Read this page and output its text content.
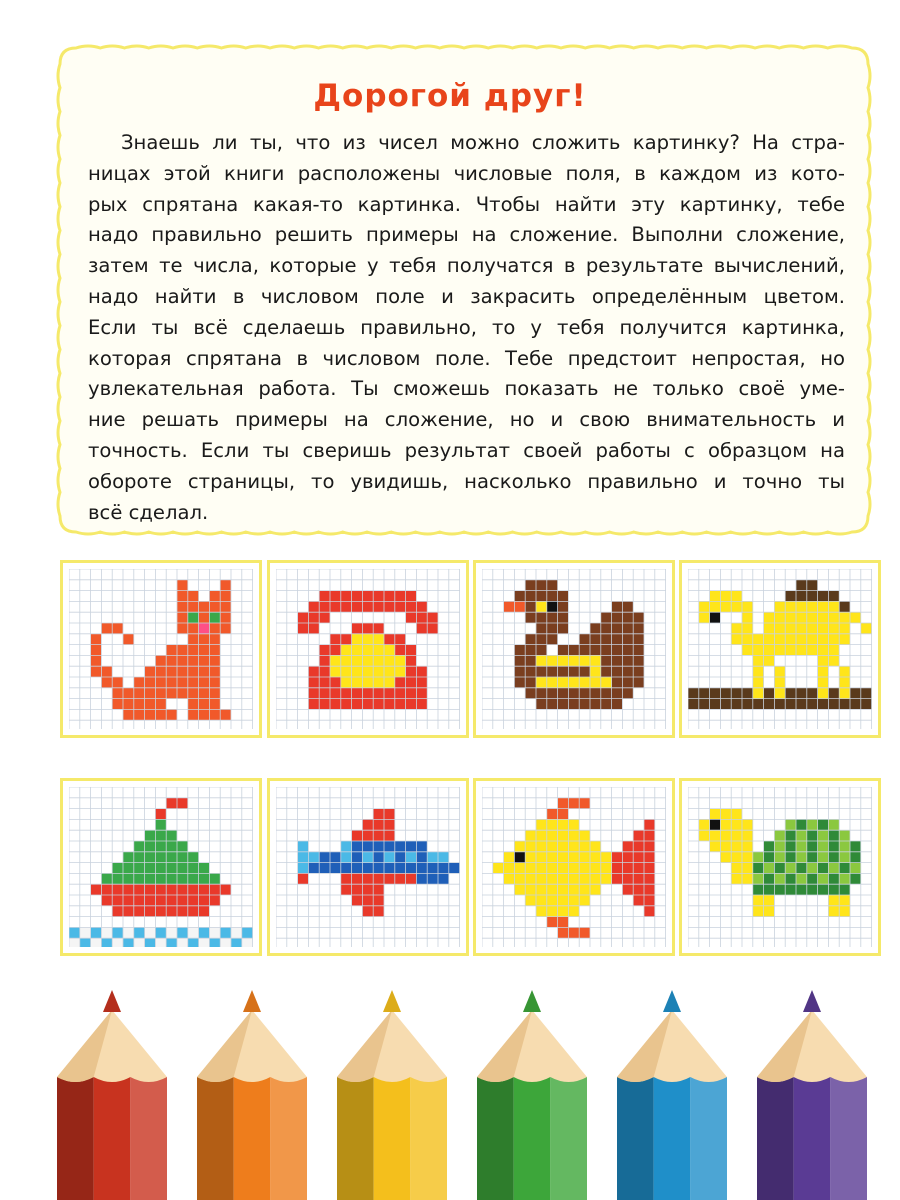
Дорогой друг!
Знаешь ли ты, что из чисел можно сложить картинку? На стра-
ницах этой книги расположены числовые поля, в каждом из кото-
рых спрятана какая-то картинка. Чтобы найти эту картинку, тебе
надо правильно решить примеры на сложение. Выполни сложение,
затем те числа, которые у тебя получатся в результате вычислений,
надо найти в числовом поле и закрасить определённым цветом.
Если ты всё сделаешь правильно, то у тебя получится картинка,
которая спрятана в числовом поле. Тебе предстоит непростая, но
увлекательная работа. Ты сможешь показать не только своё уме-
ние решать примеры на сложение, но и свою внимательность и
точность. Если ты сверишь результат своей работы с образцом на
обороте страницы, то увидишь, насколько правильно и точно ты
всё сделал.
